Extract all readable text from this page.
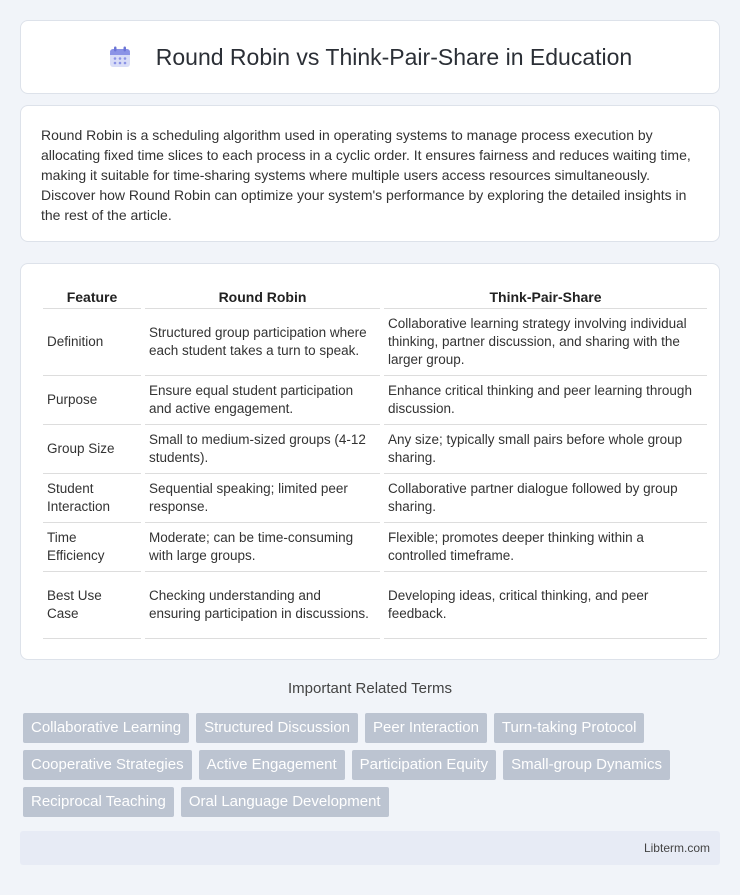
Round Robin vs Think-Pair-Share in Education

Round Robin is a scheduling algorithm used in operating systems to manage process execution by allocating fixed time slices to each process in a cyclic order. It ensures fairness and reduces waiting time, making it suitable for time-sharing systems where multiple users access resources simultaneously. Discover how Round Robin can optimize your system's performance by exploring the detailed insights in the rest of the article.

Feature	Round Robin	Think-Pair-Share
Definition	Structured group participation where each student takes a turn to speak.	Collaborative learning strategy involving individual thinking, partner discussion, and sharing with the larger group.
Purpose	Ensure equal student participation and active engagement.	Enhance critical thinking and peer learning through discussion.
Group Size	Small to medium-sized groups (4-12 students).	Any size; typically small pairs before whole group sharing.
Student Interaction	Sequential speaking; limited peer response.	Collaborative partner dialogue followed by group sharing.
Time Efficiency	Moderate; can be time-consuming with large groups.	Flexible; promotes deeper thinking within a controlled timeframe.
Best Use Case	Checking understanding and ensuring participation in discussions.	Developing ideas, critical thinking, and peer feedback.
Important Related Terms
Collaborative Learning	Structured Discussion	Peer Interaction	Turn-taking Protocol
Cooperative Strategies	Active Engagement	Participation Equity	Small-group Dynamics
Reciprocal Teaching	Oral Language Development
Libterm.com
